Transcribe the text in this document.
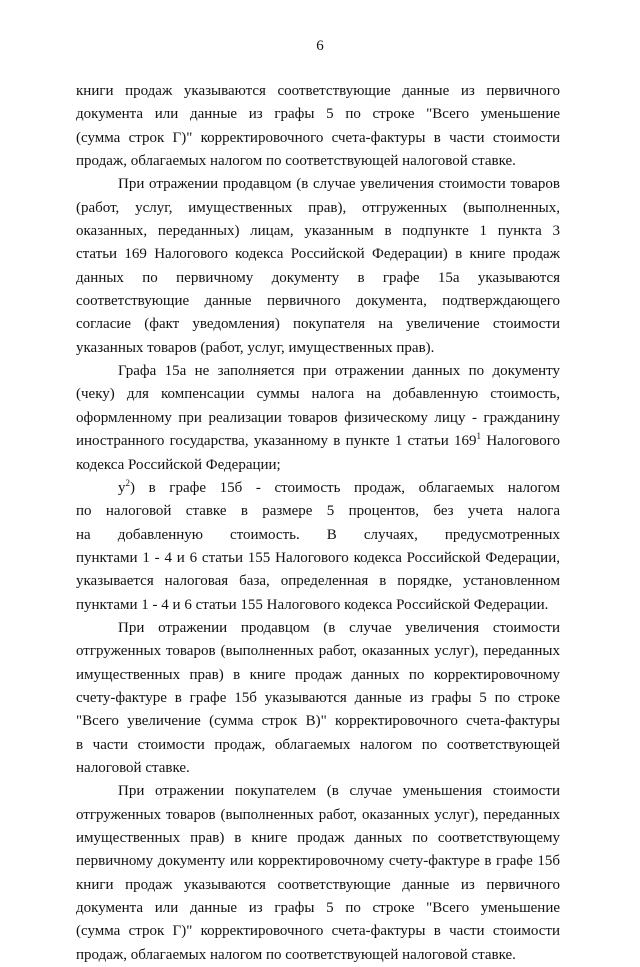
6
книги продаж указываются соответствующие данные из первичного
документа или данные из графы 5 по строке "Всего уменьшение
(сумма строк Г)" корректировочного счета-фактуры в части стоимости
продаж, облагаемых налогом по соответствующей налоговой ставке.
При отражении продавцом (в случае увеличения стоимости товаров
(работ, услуг, имущественных прав), отгруженных (выполненных,
оказанных, переданных) лицам, указанным в подпункте 1 пункта 3
статьи 169 Налогового кодекса Российской Федерации) в книге продаж
данных по первичному документу в графе 15а указываются
соответствующие данные первичного документа, подтверждающего
согласие (факт уведомления) покупателя на увеличение стоимости
указанных товаров (работ, услуг, имущественных прав).
Графа 15а не заполняется при отражении данных по документу
(чеку) для компенсации суммы налога на добавленную стоимость,
оформленному при реализации товаров физическому лицу - гражданину
иностранного государства, указанному в пункте 1 статьи $169^1$ Налогового
кодекса Российской Федерации;
$у^2$) в графе 15б - стоимость продаж, облагаемых налогом
по налоговой ставке в размере 5 процентов, без учета налога
на добавленную стоимость. В случаях, предусмотренных
пунктами 1 - 4 и 6 статьи 155 Налогового кодекса Российской Федерации,
указывается налоговая база, определенная в порядке, установленном
пунктами 1 - 4 и 6 статьи 155 Налогового кодекса Российской Федерации.
При отражении продавцом (в случае увеличения стоимости
отгруженных товаров (выполненных работ, оказанных услуг), переданных
имущественных прав) в книге продаж данных по корректировочному
счету-фактуре в графе 15б указываются данные из графы 5 по строке
"Всего увеличение (сумма строк В)" корректировочного счета-фактуры
в части стоимости продаж, облагаемых налогом по соответствующей
налоговой ставке.
При отражении покупателем (в случае уменьшения стоимости
отгруженных товаров (выполненных работ, оказанных услуг), переданных
имущественных прав) в книге продаж данных по соответствующему
первичному документу или корректировочному счету-фактуре в графе 15б
книги продаж указываются соответствующие данные из первичного
документа или данные из графы 5 по строке "Всего уменьшение
(сумма строк Г)" корректировочного счета-фактуры в части стоимости
продаж, облагаемых налогом по соответствующей налоговой ставке.
